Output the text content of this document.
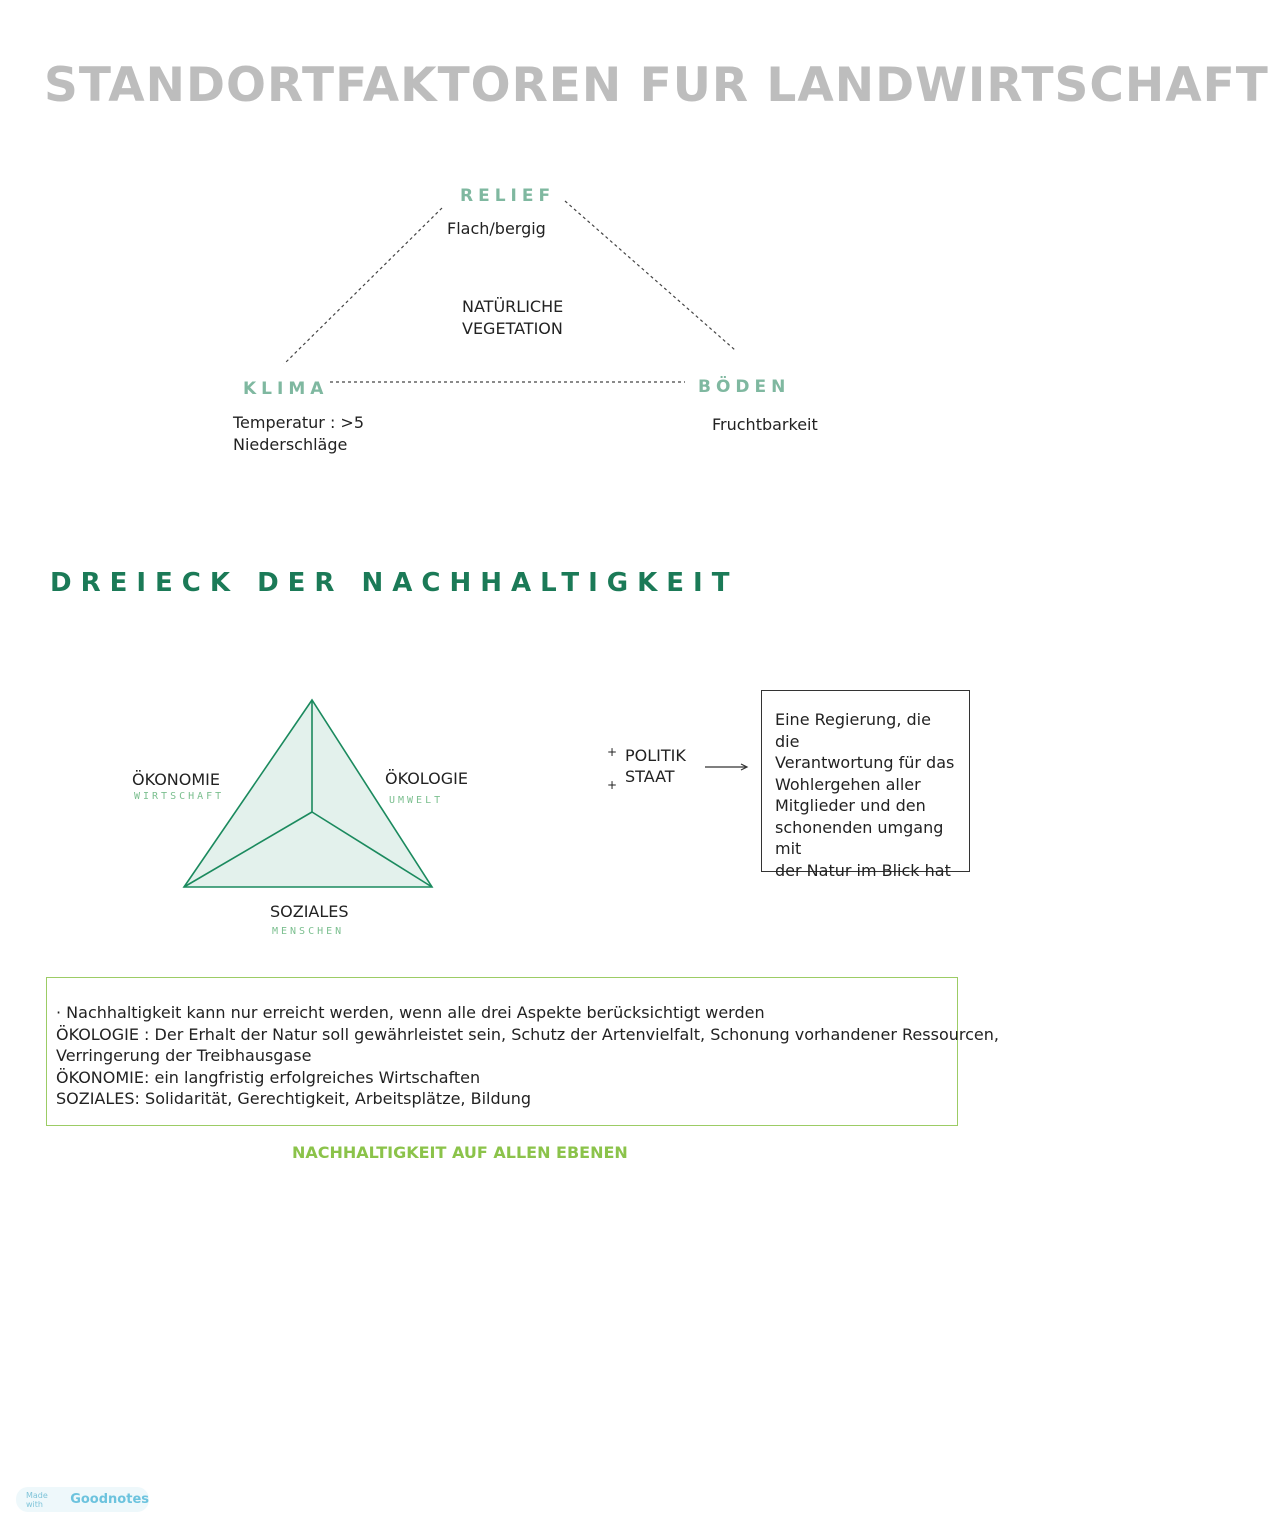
STANDORTFAKTOREN FUR LANDWIRTSCHAFT
RELIEF
Flach/bergig
NATÜRLICHE
VEGETATION
KLIMA
Temperatur : >5
Niederschläge
BÖDEN
Fruchtbarkeit
DREIECK DER NACHHALTIGKEIT
ÖKONOMIE
WIRTSCHAFT
ÖKOLOGIE
UMWELT
SOZIALES
MENSCHEN
+
+
POLITIK
STAAT
Eine Regierung, die die
Verantwortung für das
Wohlergehen aller
Mitglieder und den
schonenden umgang mit
der Natur im Blick hat
· Nachhaltigkeit kann nur erreicht werden, wenn alle drei Aspekte berücksichtigt werden
ÖKOLOGIE : Der Erhalt der Natur soll gewährleistet sein, Schutz der Artenvielfalt, Schonung vorhandener Ressourcen,
Verringerung der Treibhausgase
ÖKONOMIE: ein langfristig erfolgreiches Wirtschaften
SOZIALES: Solidarität, Gerechtigkeit, Arbeitsplätze, Bildung
NACHHALTIGKEIT AUF ALLEN EBENEN
Made with	Goodnotes
